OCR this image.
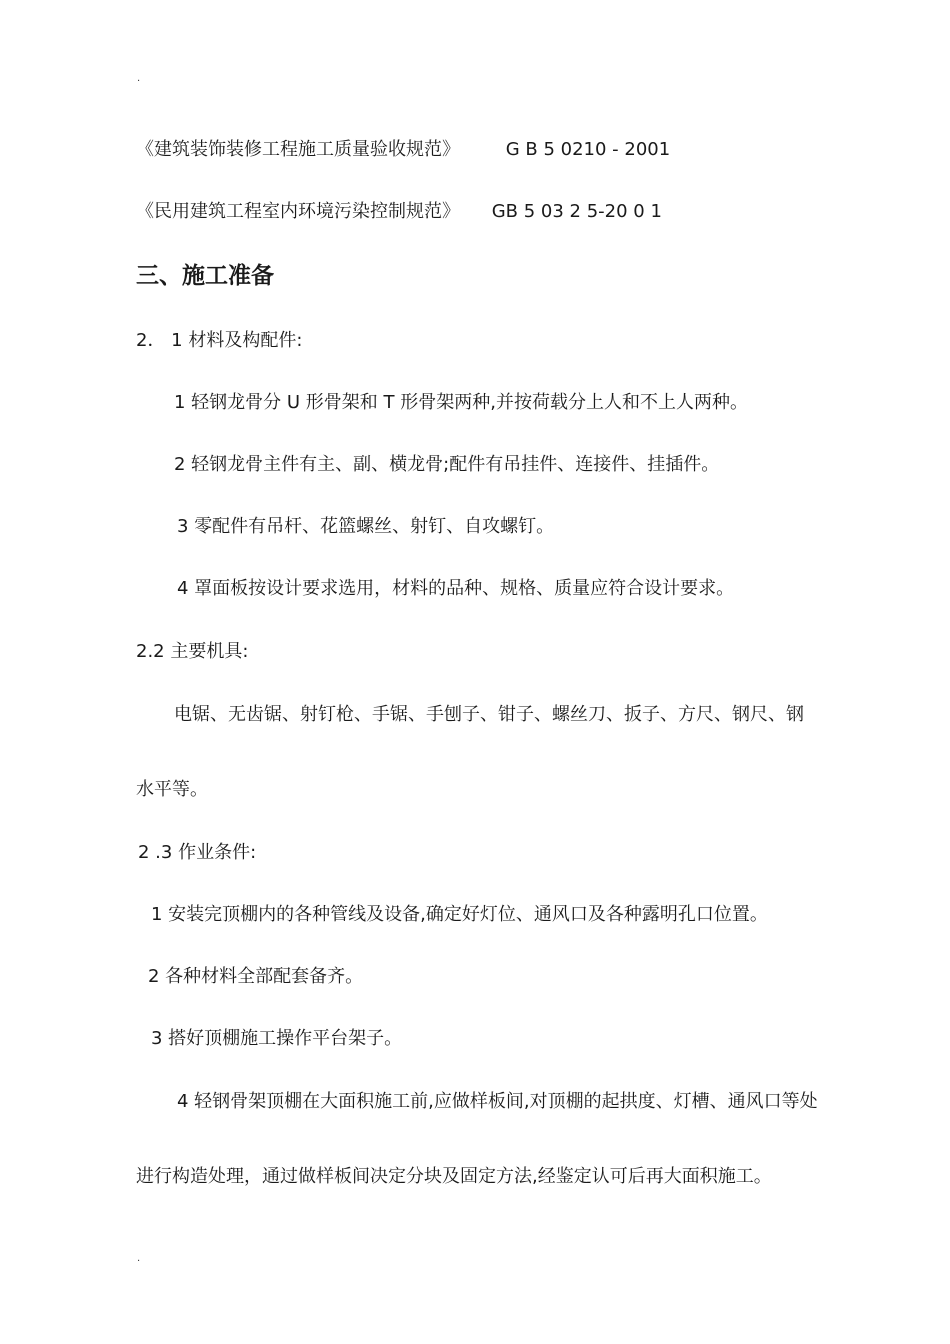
.
《建筑装饰装修工程施工质量验收规范》	G B 5 0210 - 2001
《民用建筑工程室内环境污染控制规范》 GB 5 03 2 5-20 0 1
三、施工准备
2． 1 材料及构配件:
1 轻钢龙骨分 U 形骨架和 T 形骨架两种,并按荷载分上人和不上人两种。
2 轻钢龙骨主件有主、副、横龙骨;配件有吊挂件、连接件、挂插件。
3 零配件有吊杆、花篮螺丝、射钉、自攻螺钉。
4 罩面板按设计要求选用，材料的品种、规格、质量应符合设计要求。
2.2 主要机具:
电锯、无齿锯、射钉枪、手锯、手刨子、钳子、螺丝刀、扳子、方尺、钢尺、钢
水平等。
2 .3 作业条件:
1 安装完顶棚内的各种管线及设备,确定好灯位、通风口及各种露明孔口位置。
2 各种材料全部配套备齐。
3 搭好顶棚施工操作平台架子。
4 轻钢骨架顶棚在大面积施工前,应做样板间,对顶棚的起拱度、灯槽、通风口等处
进行构造处理，通过做样板间决定分块及固定方法,经鉴定认可后再大面积施工。
.
